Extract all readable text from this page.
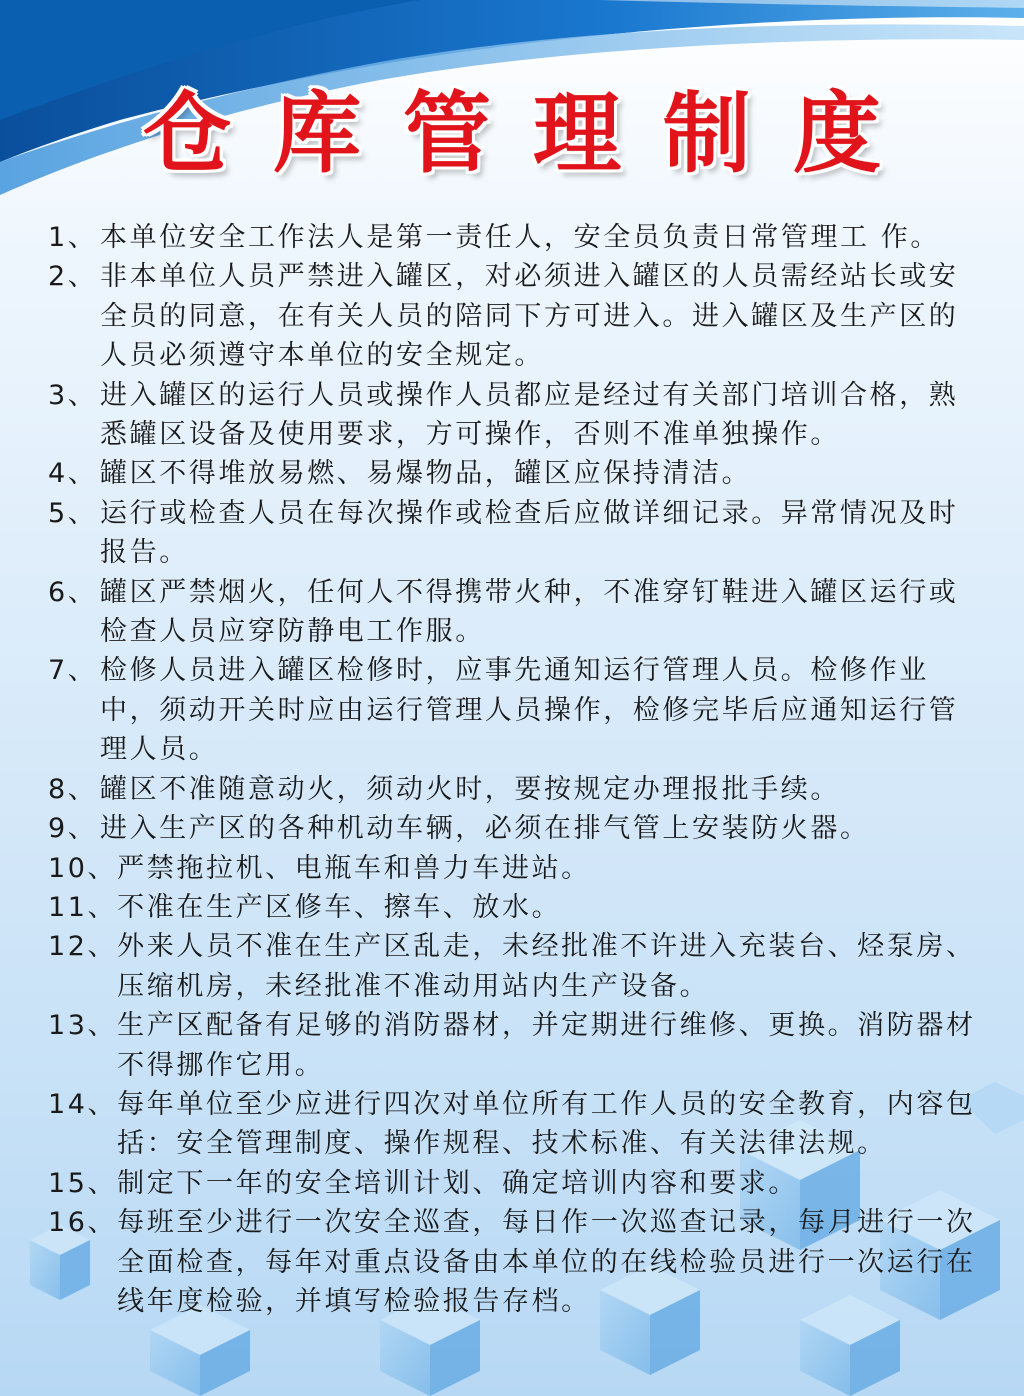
仓库管理制度
1、 本单位安全工作法人是第一责任人，安全员负责日常管理工 作。
2、 非本单位人员严禁进入罐区，对必须进入罐区的人员需经站长或安全员的同意，在有关人员的陪同下方可进入。进入罐区及生产区的人员必须遵守本单位的安全规定。
3、 进入罐区的运行人员或操作人员都应是经过有关部门培训合格，熟悉罐区设备及使用要求，方可操作，否则不准单独操作。
4、 罐区不得堆放易燃、易爆物品，罐区应保持清洁。
5、 运行或检查人员在每次操作或检查后应做详细记录。异常情况及时报告。
6、 罐区严禁烟火，任何人不得携带火种，不准穿钉鞋进入罐区运行或检查人员应穿防静电工作服。
7、 检修人员进入罐区检修时，应事先通知运行管理人员。检修作业中，须动开关时应由运行管理人员操作，检修完毕后应通知运行管理人员。
8、 罐区不准随意动火，须动火时，要按规定办理报批手续。
9、 进入生产区的各种机动车辆，必须在排气管上安装防火器。
10、 严禁拖拉机、电瓶车和兽力车进站。
11、 不准在生产区修车、擦车、放水。
12、 外来人员不准在生产区乱走，未经批准不许进入充装台、烃泵房、压缩机房，未经批准不准动用站内生产设备。
13、 生产区配备有足够的消防器材，并定期进行维修、更换。消防器材不得挪作它用。
14、 每年单位至少应进行四次对单位所有工作人员的安全教育，内容包括：安全管理制度、操作规程、技术标准、有关法律法规。
15、 制定下一年的安全培训计划、确定培训内容和要求。
16、 每班至少进行一次安全巡查，每日作一次巡查记录，每月进行一次全面检查，每年对重点设备由本单位的在线检验员进行一次运行在线年度检验，并填写检验报告存档。
